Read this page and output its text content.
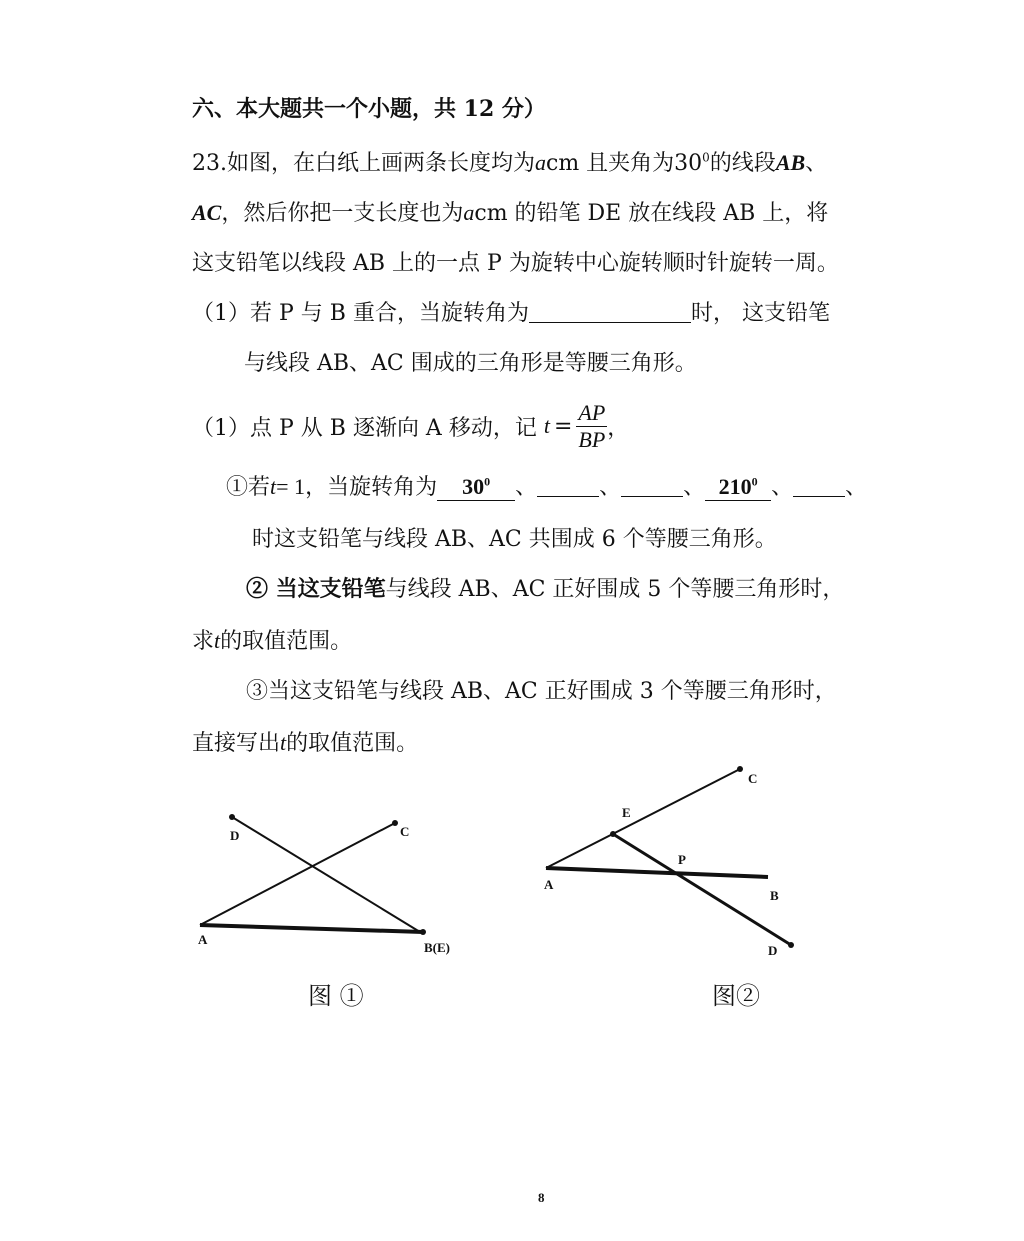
六、本大题共一个小题，共 12 分）
23.如图，在白纸上画两条长度均为acm 且夹角为$30^0$的线段AB、
AC，然后你把一支长度也为acm 的铅笔 DE 放在线段 AB 上，将
这支铅笔以线段 AB 上的一点 P 为旋转中心旋转顺时针旋转一周。
（1）若 P 与 B 重合，当旋转角为	时， 这支铅笔
与线段 AB、AC 围成的三角形是等腰三角形。
（1）点 P 从 B 逐渐向 A 移动，记
$t = \frac{AP}{BP}$ ，
①若t= 1，当旋转角为 $30^0$ 、	、	、 $210^0$ 、 、
时这支铅笔与线段 AB、AC 共围成 6 个等腰三角形。
② 当这支铅笔与线段 AB、AC 正好围成 5 个等腰三角形时，
求t的取值范围。
③当这支铅笔与线段 AB、AC 正好围成 3 个等腰三角形时，
直接写出t的取值范围。
D	C
A
B(E)
图 ①
C
E
P
A
B
D
图②
8
